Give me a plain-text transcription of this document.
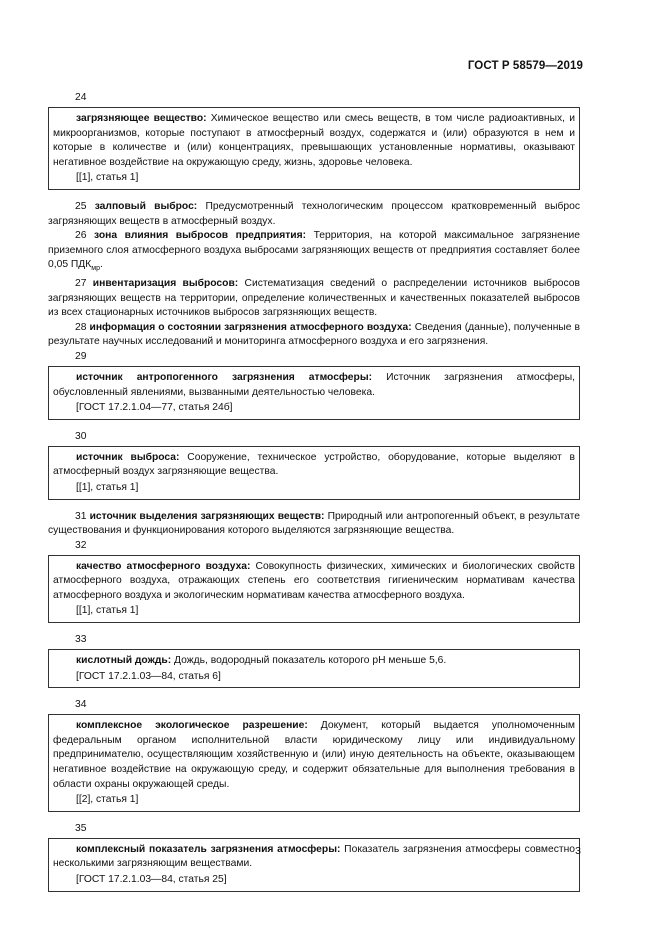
ГОСТ Р 58579—2019
24
загрязняющее вещество: Химическое вещество или смесь веществ, в том числе радиоактивных, и микроорганизмов, которые поступают в атмосферный воздух, содержатся и (или) образуются в нем и которые в количестве и (или) концентрациях, превышающих установленные нормативы, оказывают негативное воздействие на окружающую среду, жизнь, здоровье человека.
[[1], статья 1]
25 залповый выброс: Предусмотренный технологическим процессом кратковременный выброс загрязняющих веществ в атмосферный воздух.
26 зона влияния выбросов предприятия: Территория, на которой максимальное загрязнение приземного слоя атмосферного воздуха выбросами загрязняющих веществ от предприятия составляет более 0,05 $ПДК_{мр}$.
27 инвентаризация выбросов: Систематизация сведений о распределении источников выбросов загрязняющих веществ на территории, определение количественных и качественных показателей выбросов из всех стационарных источников выбросов загрязняющих веществ.
28 информация о состоянии загрязнения атмосферного воздуха: Сведения (данные), полученные в результате научных исследований и мониторинга атмосферного воздуха и его загрязнения.
29
источник антропогенного загрязнения атмосферы: Источник загрязнения атмосферы, обусловленный явлениями, вызванными деятельностью человека.
[ГОСТ 17.2.1.04—77, статья 24б]
30
источник выброса: Сооружение, техническое устройство, оборудование, которые выделяют в атмосферный воздух загрязняющие вещества.
[[1], статья 1]
31 источник выделения загрязняющих веществ: Природный или антропогенный объект, в результате существования и функционирования которого выделяются загрязняющие вещества.
32
качество атмосферного воздуха: Совокупность физических, химических и биологических свойств атмосферного воздуха, отражающих степень его соответствия гигиеническим нормативам качества атмосферного воздуха и экологическим нормативам качества атмосферного воздуха.
[[1], статья 1]
33
кислотный дождь: Дождь, водородный показатель которого pH меньше 5,6.
[ГОСТ 17.2.1.03—84, статья 6]
34
комплексное экологическое разрешение: Документ, который выдается уполномоченным федеральным органом исполнительной власти юридическому лицу или индивидуальному предпринимателю, осуществляющим хозяйственную и (или) иную деятельность на объекте, оказывающем негативное воздействие на окружающую среду, и содержит обязательные для выполнения требования в области охраны окружающей среды.
[[2], статья 1]
35
комплексный показатель загрязнения атмосферы: Показатель загрязнения атмосферы совместно несколькими загрязняющим веществами.
[ГОСТ 17.2.1.03—84, статья 25]
3
